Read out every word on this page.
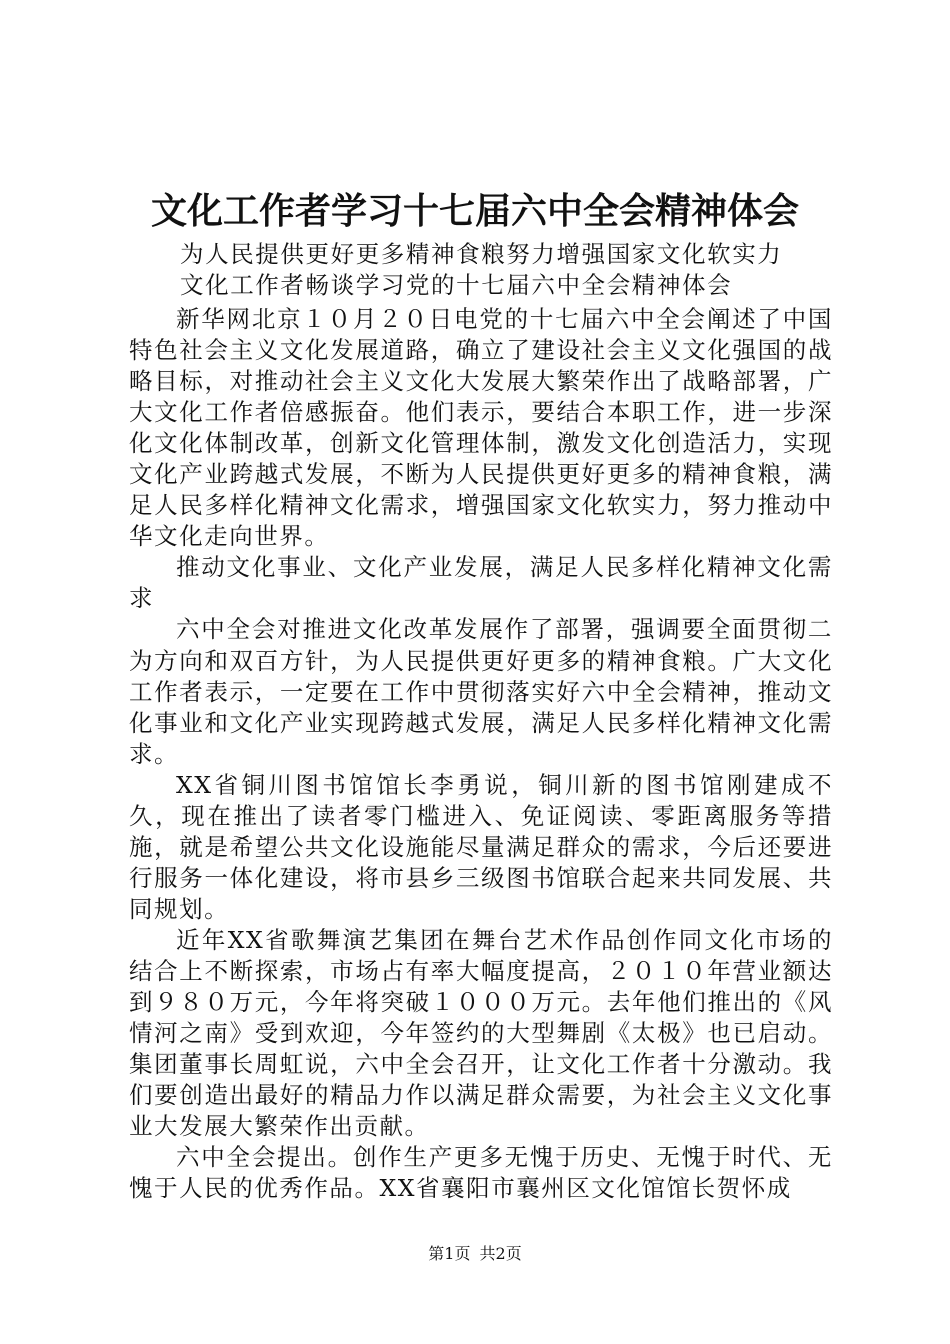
文化工作者学习十七届六中全会精神体会
为人民提供更好更多精神食粮努力增强国家文化软实力
文化工作者畅谈学习党的十七届六中全会精神体会

新华网北京１０月２０日电党的十七届六中全会阐述了中国特色社会主义文化发展道路，确立了建设社会主义文化强国的战略目标，对推动社会主义文化大发展大繁荣作出了战略部署，广大文化工作者倍感振奋。他们表示，要结合本职工作，进一步深化文化体制改革，创新文化管理体制，激发文化创造活力，实现文化产业跨越式发展，不断为人民提供更好更多的精神食粮，满足人民多样化精神文化需求，增强国家文化软实力，努力推动中华文化走向世界。

推动文化事业、文化产业发展，满足人民多样化精神文化需求

六中全会对推进文化改革发展作了部署，强调要全面贯彻二为方向和双百方针，为人民提供更好更多的精神食粮。广大文化工作者表示，一定要在工作中贯彻落实好六中全会精神，推动文化事业和文化产业实现跨越式发展，满足人民多样化精神文化需求。

XX省铜川图书馆馆长李勇说，铜川新的图书馆刚建成不久，现在推出了读者零门槛进入、免证阅读、零距离服务等措施，就是希望公共文化设施能尽量满足群众的需求，今后还要进行服务一体化建设，将市县乡三级图书馆联合起来共同发展、共同规划。

近年XX省歌舞演艺集团在舞台艺术作品创作同文化市场的结合上不断探索，市场占有率大幅度提高，２０１０年营业额达到９８０万元，今年将突破１０００万元。去年他们推出的《风情河之南》受到欢迎，今年签约的大型舞剧《太极》也已启动。集团董事长周虹说，六中全会召开，让文化工作者十分激动。我们要创造出最好的精品力作以满足群众需要，为社会主义文化事业大发展大繁荣作出贡献。

六中全会提出。创作生产更多无愧于历史、无愧于时代、无愧于人民的优秀作品。XX省襄阳市襄州区文化馆馆长贺怀成

第1页 共2页
